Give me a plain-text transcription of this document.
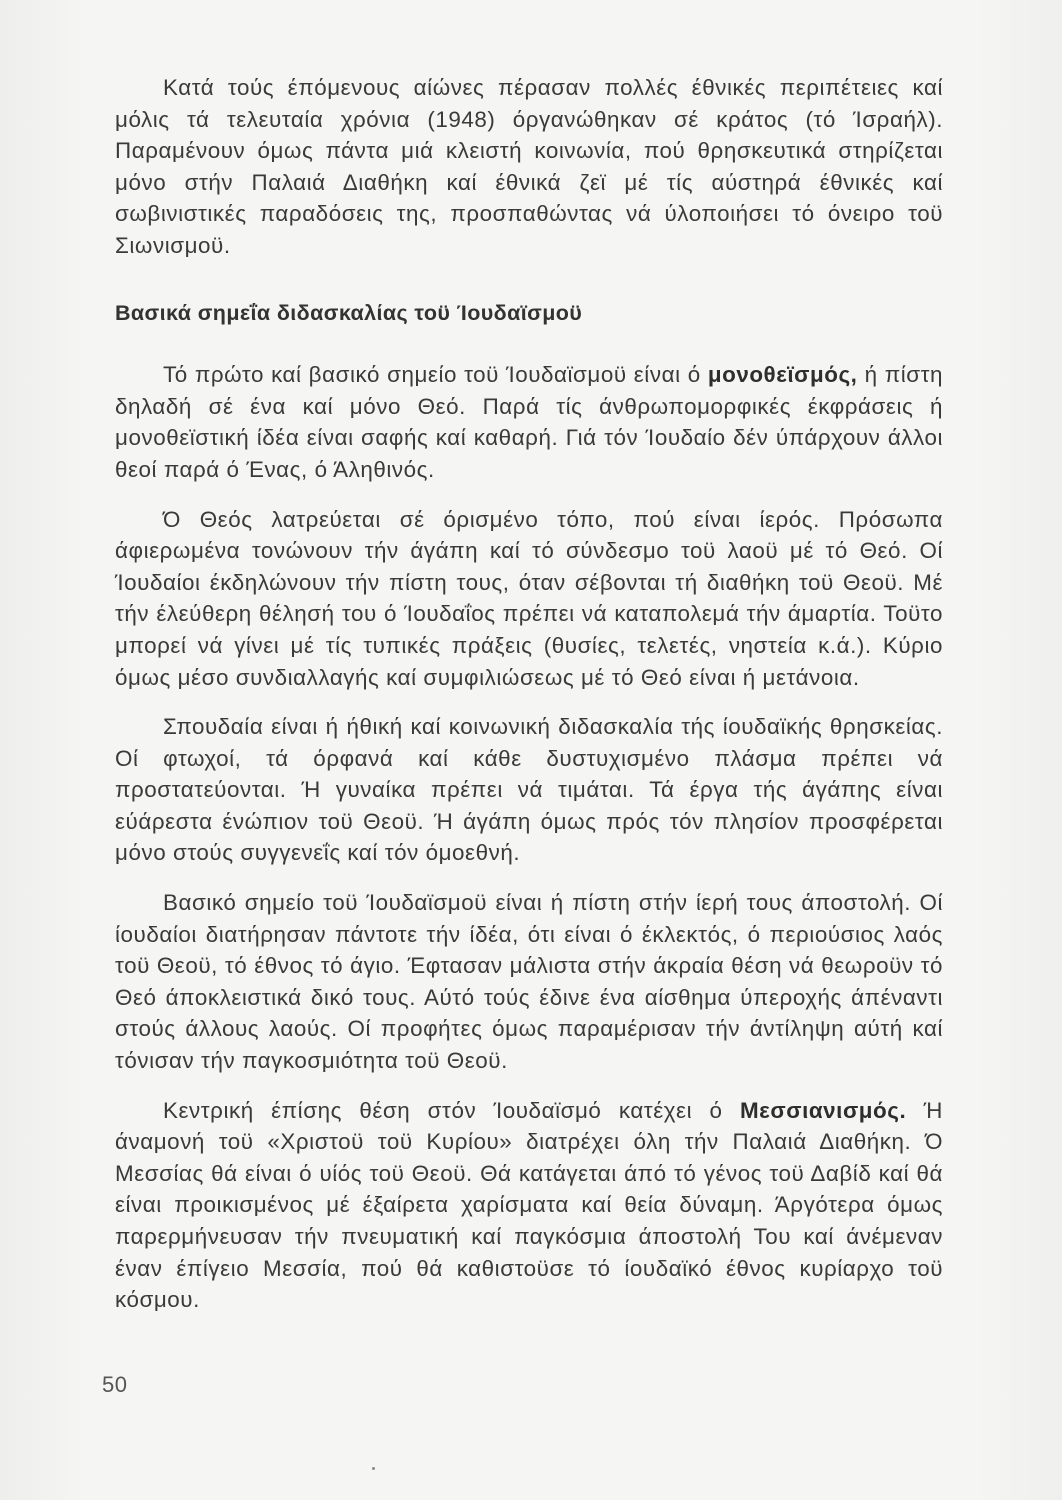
Κατά τούς έπόμενους αίώνες πέρασαν πολλές έθνικές περιπέτειες καί μόλις τά τελευταία χρόνια (1948) όργανώθηκαν σέ κράτος (τό Ίσραήλ). Παραμένουν όμως πάντα μιά κλειστή κοινωνία, πού θρησκευτικά στηρίζεται μόνο στήν Παλαιά Διαθήκη καί έθνικά ζεϊ μέ τίς αύστηρά έθνικές καί σωβινιστικές παραδόσεις της, προσπαθώντας νά ύλοποιήσει τό όνειρο τοϋ Σιωνισμοϋ.

Βασικά σημεΐα διδασκαλίας τοϋ Ίουδαϊσμοϋ

Τό πρώτο καί βασικό σημείο τοϋ Ίουδαϊσμοϋ είναι ό μονοθεϊσμός, ή πίστη δηλαδή σέ ένα καί μόνο Θεό. Παρά τίς άνθρωπομορφικές έκφράσεις ή μονοθεϊστική ίδέα είναι σαφής καί καθαρή. Γιά τόν Ίουδαίο δέν ύπάρχουν άλλοι θεοί παρά ό Ένας, ό Άληθινός.

Ό Θεός λατρεύεται σέ όρισμένο τόπο, πού είναι ίερός. Πρόσωπα άφιερωμένα τονώνουν τήν άγάπη καί τό σύνδεσμο τοϋ λαοϋ μέ τό Θεό. Οί Ίουδαίοι έκδηλώνουν τήν πίστη τους, όταν σέβονται τή διαθήκη τοϋ Θεοϋ. Μέ τήν έλεύθερη θέλησή του ό Ίουδαΐος πρέπει νά καταπολεμά τήν άμαρτία. Τοϋτο μπορεί νά γίνει μέ τίς τυπικές πράξεις (θυσίες, τελετές, νηστεία κ.ά.). Κύριο όμως μέσο συνδιαλλαγής καί συμφιλιώσεως μέ τό Θεό είναι ή μετάνοια.

Σπουδαία είναι ή ήθική καί κοινωνική διδασκαλία τής ίουδαϊκής θρησκείας. Οί φτωχοί, τά όρφανά καί κάθε δυστυχισμένο πλάσμα πρέπει νά προστατεύονται. Ή γυναίκα πρέπει νά τιμάται. Τά έργα τής άγάπης είναι εύάρεστα ένώπιον τοϋ Θεοϋ. Ή άγάπη όμως πρός τόν πλησίον προσφέρεται μόνο στούς συγγενεΐς καί τόν όμοεθνή.

Βασικό σημείο τοϋ Ίουδαϊσμοϋ είναι ή πίστη στήν ίερή τους άποστολή. Οί ίουδαίοι διατήρησαν πάντοτε τήν ίδέα, ότι είναι ό έκλεκτός, ό περιούσιος λαός τοϋ Θεοϋ, τό έθνος τό άγιο. Έφτασαν μάλιστα στήν άκραία θέση νά θεωροϋν τό Θεό άποκλειστικά δικό τους. Αύτό τούς έδινε ένα αίσθημα ύπεροχής άπέναντι στούς άλλους λαούς. Οί προφήτες όμως παραμέρισαν τήν άντίληψη αύτή καί τόνισαν τήν παγκοσμιότητα τοϋ Θεοϋ.

Κεντρική έπίσης θέση στόν Ίουδαϊσμό κατέχει ό Μεσσιανισμός. Ή άναμονή τοϋ «Χριστοϋ τοϋ Κυρίου» διατρέχει όλη τήν Παλαιά Διαθήκη. Ό Μεσσίας θά είναι ό υίός τοϋ Θεοϋ. Θά κατάγεται άπό τό γένος τοϋ Δαβίδ καί θά είναι προικισμένος μέ έξαίρετα χαρίσματα καί θεία δύναμη. Άργότερα όμως παρερμήνευσαν τήν πνευματική καί παγκόσμια άποστολή Του καί άνέμεναν έναν έπίγειο Μεσσία, πού θά καθιστοϋσε τό ίουδαϊκό έθνος κυρίαρχο τοϋ κόσμου.

50
